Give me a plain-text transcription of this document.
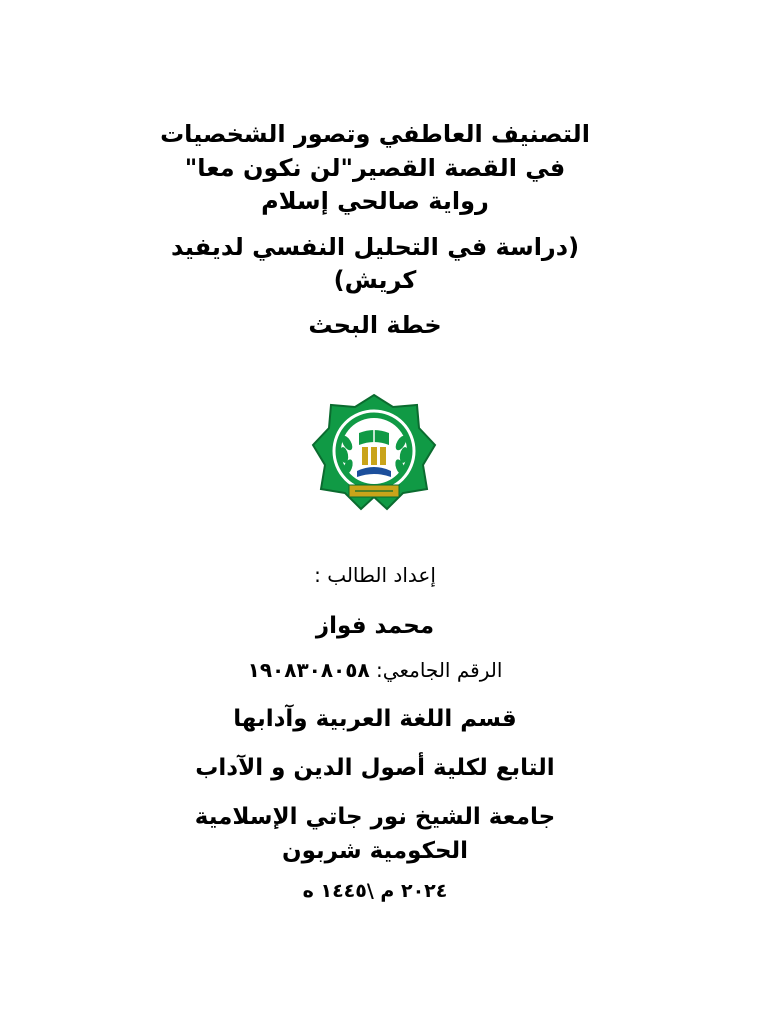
التصنيف العاطفي وتصور الشخصيات
في القصة القصير"لن نكون معا"
رواية صالحي إسلام
(دراسة في التحليل النفسي لديفيد
كريش)
خطة البحث
إعداد الطالب :
محمد فواز
الرقم الجامعي: ١٩٠٨٣٠٨٠٥٨
قسم اللغة العربية وآدابها
التابع لكلية أصول الدين و الآداب
جامعة الشيخ نور جاتي الإسلامية
الحكومية شربون
٢٠٢٤ م \١٤٤٥ ه
